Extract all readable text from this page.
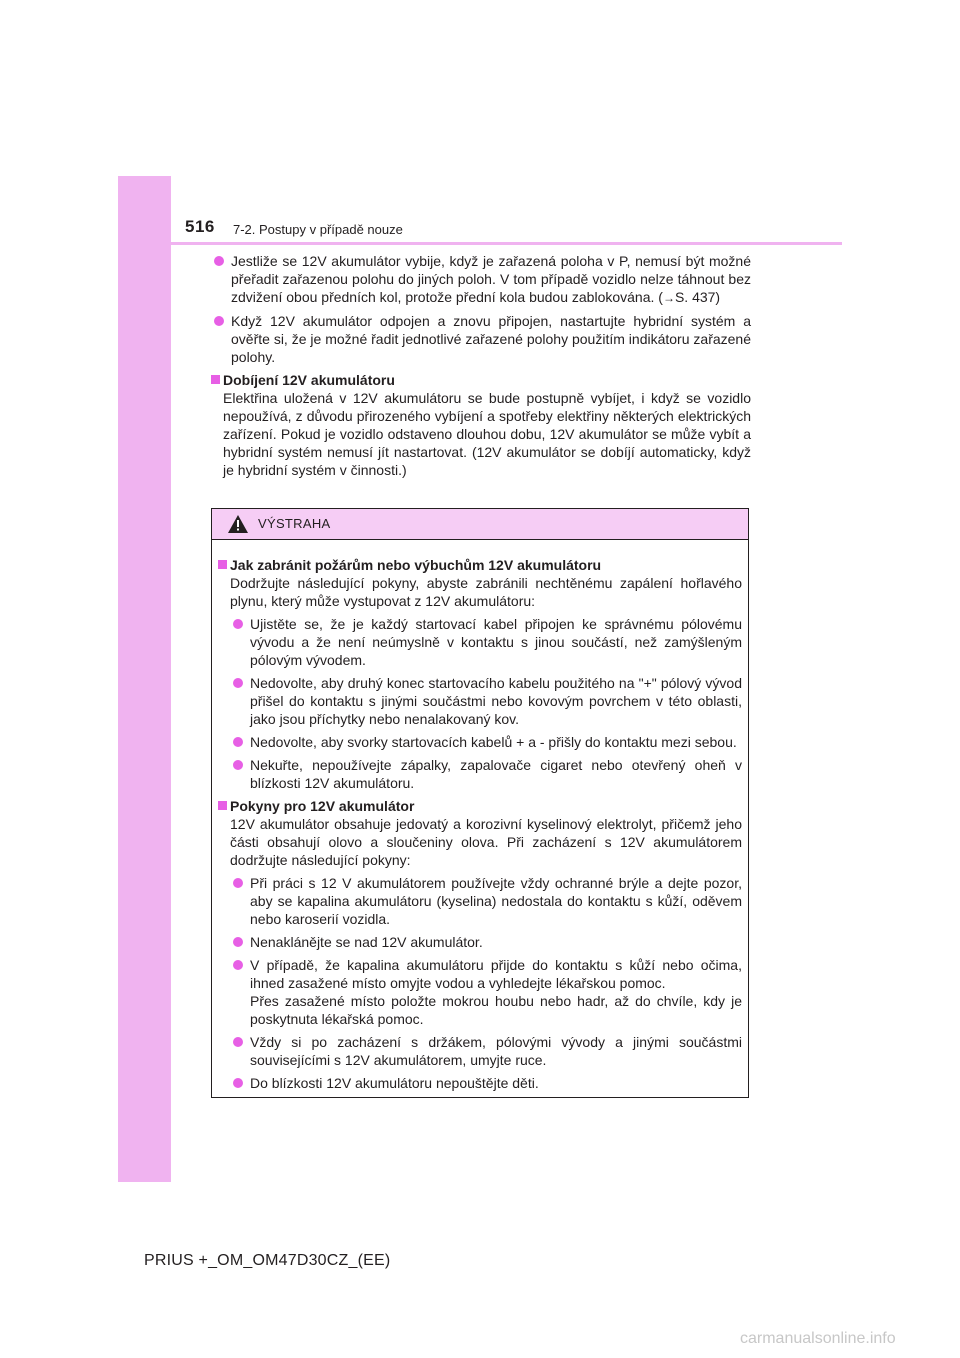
516 7-2. Postupy v případě nouze
Jestliže se 12V akumulátor vybije, když je zařazená poloha v P, nemusí být možné přeřadit zařazenou polohu do jiných poloh. V tom případě vozidlo nelze táhnout bez zdvižení obou předních kol, protože přední kola budou zablokována. (→S. 437)
Když 12V akumulátor odpojen a znovu připojen, nastartujte hybridní systém a ověřte si, že je možné řadit jednotlivé zařazené polohy použitím indikátoru zařazené polohy.
Dobíjení 12V akumulátoru
Elektřina uložená v 12V akumulátoru se bude postupně vybíjet, i když se vozidlo nepoužívá, z důvodu přirozeného vybíjení a spotřeby elektřiny některých elektrických zařízení. Pokud je vozidlo odstaveno dlouhou dobu, 12V akumulátor se může vybít a hybridní systém nemusí jít nastartovat. (12V akumulátor se dobíjí automaticky, když je hybridní systém v činnosti.)
VÝSTRAHA
Jak zabránit požárům nebo výbuchům 12V akumulátoru
Dodržujte následující pokyny, abyste zabránili nechtěnému zapálení hořlavého plynu, který může vystupovat z 12V akumulátoru:
Ujistěte se, že je každý startovací kabel připojen ke správnému pólovému vývodu a že není neúmyslně v kontaktu s jinou součástí, než zamýšleným pólovým vývodem.
Nedovolte, aby druhý konec startovacího kabelu použitého na "+" pólový vývod přišel do kontaktu s jinými součástmi nebo kovovým povrchem v této oblasti, jako jsou příchytky nebo nenalakovaný kov.
Nedovolte, aby svorky startovacích kabelů + a - přišly do kontaktu mezi sebou.
Nekuřte, nepoužívejte zápalky, zapalovače cigaret nebo otevřený oheň v blízkosti 12V akumulátoru.
Pokyny pro 12V akumulátor
12V akumulátor obsahuje jedovatý a korozivní kyselinový elektrolyt, přičemž jeho části obsahují olovo a sloučeniny olova. Při zacházení s 12V akumulátorem dodržujte následující pokyny:
Při práci s 12 V akumulátorem používejte vždy ochranné brýle a dejte pozor, aby se kapalina akumulátoru (kyselina) nedostala do kontaktu s kůží, oděvem nebo karoserií vozidla.
Nenaklánějte se nad 12V akumulátor.
V případě, že kapalina akumulátoru přijde do kontaktu s kůží nebo očima, ihned zasažené místo omyjte vodou a vyhledejte lékařskou pomoc.
Přes zasažené místo položte mokrou houbu nebo hadr, až do chvíle, kdy je poskytnuta lékařská pomoc.
Vždy si po zacházení s držákem, pólovými vývody a jinými součástmi souvisejícími s 12V akumulátorem, umyjte ruce.
Do blízkosti 12V akumulátoru nepouštějte děti.
PRIUS +_OM_OM47D30CZ_(EE)
carmanualsonline.info
